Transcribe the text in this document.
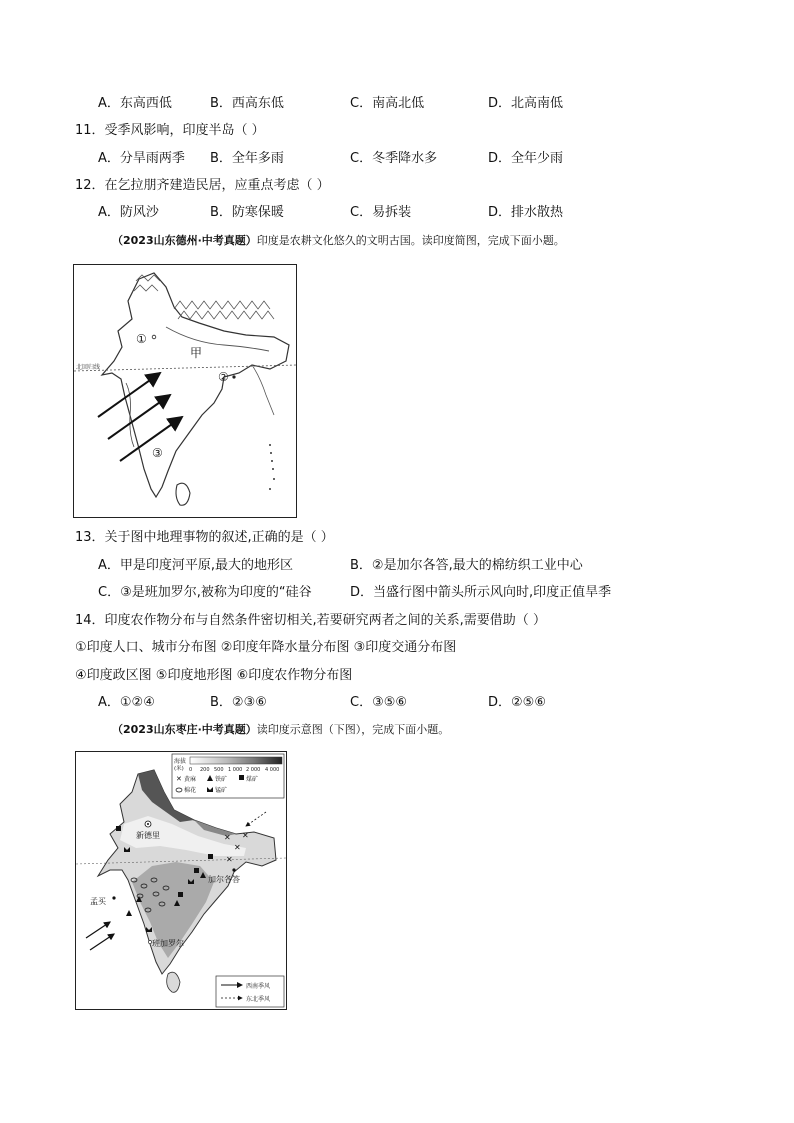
A．东高西低	B．西高东低	C．南高北低	D．北高南低
11．受季风影响，印度半岛（ ）
A．分旱雨两季 B．全年多雨	C．冬季降水多	D．全年少雨
12．在乞拉朋齐建造民居，应重点考虑（ ）
A．防风沙	B．防寒保暖	C．易拆装	D．排水散热
（2023山东德州·中考真题）印度是农耕文化悠久的文明古国。读印度简图，完成下面小题。
北回归线
①
甲
②
③
13．关于图中地理事物的叙述,正确的是（ ）
A．甲是印度河平原,最大的地形区	B．②是加尔各答,最大的棉纺织工业中心
C．③是班加罗尔,被称为印度的“硅谷	D．当盛行图中箭头所示风向时,印度正值旱季
14．印度农作物分布与自然条件密切相关,若要研究两者之间的关系,需要借助（ ）
①印度人口、城市分布图 ②印度年降水量分布图 ③印度交通分布图
④印度政区图 ⑤印度地形图 ⑥印度农作物分布图
A．①②④	B．②③⑥	C．③⑤⑥	D．②⑤⑥
（2023山东枣庄·中考真题）读印度示意图（下图），完成下面小题。
海拔
(米) 0 200 500 1 000 2 000 4 000
✕ 黄麻	铁矿	煤矿
棉花	锰矿
✕
✕
✕
✕
新德里
孟买
加尔各答
班加罗尔
西南季风
东北季风
